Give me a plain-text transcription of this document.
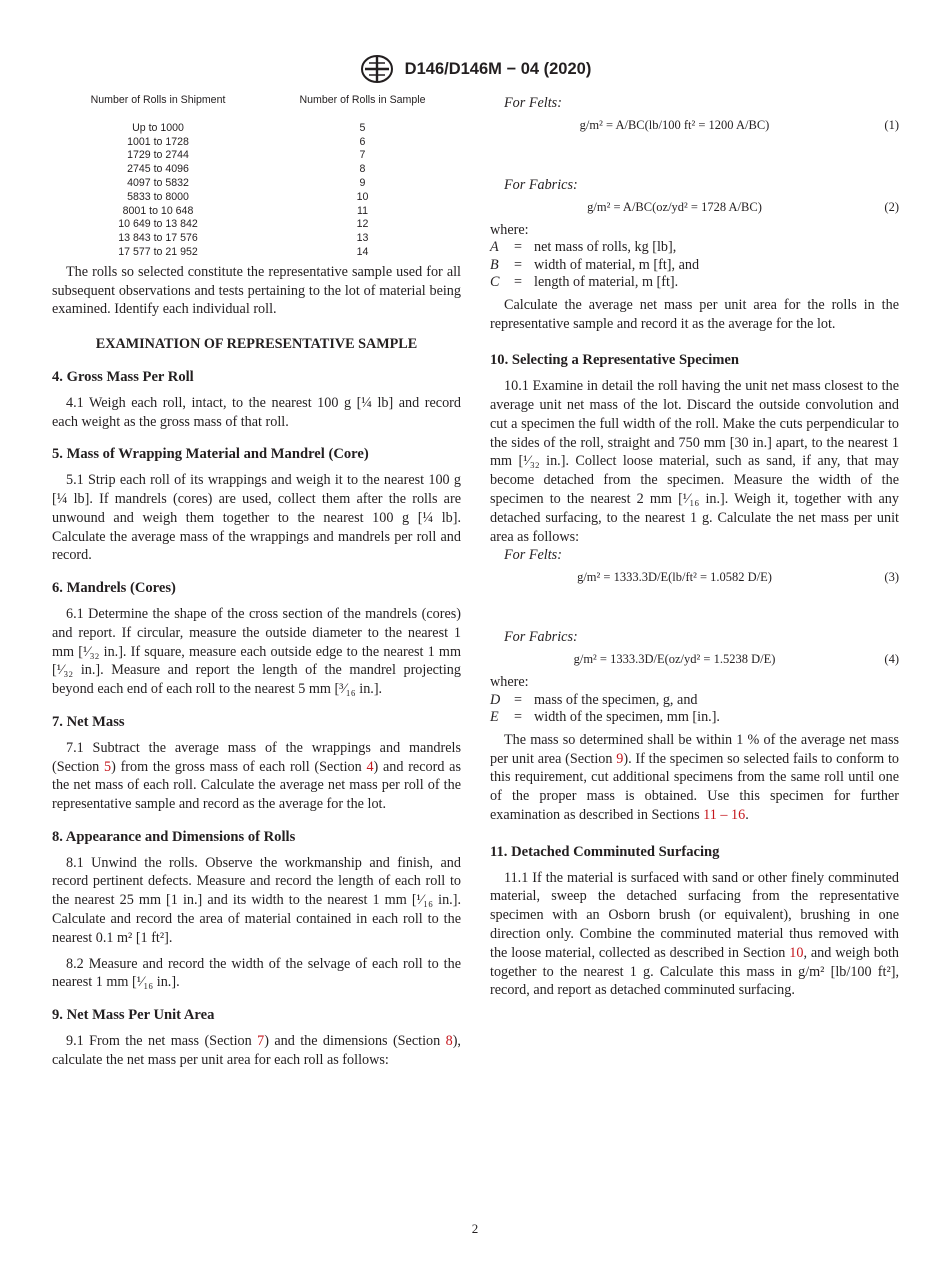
D146/D146M − 04 (2020)
Number of Rolls in Shipment	Number of Rolls in Sample
Up to 1000	5
1001 to 1728	6
1729 to 2744	7
2745 to 4096	8
4097 to 5832	9
5833 to 8000	10
8001 to 10 648	11
10 649 to 13 842	12
13 843 to 17 576	13
17 577 to 21 952	14

The rolls so selected constitute the representative sample used for all subsequent observations and tests pertaining to the lot of material being examined. Identify each individual roll.

EXAMINATION OF REPRESENTATIVE SAMPLE
4. Gross Mass Per Roll

4.1 Weigh each roll, intact, to the nearest 100 g [¼ lb] and record each weight as the gross mass of that roll.

5. Mass of Wrapping Material and Mandrel (Core)

5.1 Strip each roll of its wrappings and weigh it to the nearest 100 g [¼ lb]. If mandrels (cores) are used, collect them after the rolls are unwound and weigh them together to the nearest 100 g [¼ lb]. Calculate the average mass of the wrappings and mandrels per roll and record.

6. Mandrels (Cores)

6.1 Determine the shape of the cross section of the mandrels (cores) and report. If circular, measure the outside diameter to the nearest 1 mm [¹⁄₃₂ in.]. If square, measure each outside edge to the nearest 1 mm [¹⁄₃₂ in.]. Measure and report the length of the mandrel projecting beyond each end of each roll to the nearest 5 mm [³⁄₁₆ in.].

7. Net Mass

7.1 Subtract the average mass of the wrappings and mandrels (Section 5) from the gross mass of each roll (Section 4) and record as the net mass of each roll. Calculate the average net mass per roll of the representative sample and record as the average for the lot.

8. Appearance and Dimensions of Rolls

8.1 Unwind the rolls. Observe the workmanship and finish, and record pertinent defects. Measure and record the length of each roll to the nearest 25 mm [1 in.] and its width to the nearest 1 mm [¹⁄₁₆ in.]. Calculate and record the area of material contained in each roll to the nearest 0.1 m² [1 ft²].

8.2 Measure and record the width of the selvage of each roll to the nearest 1 mm [¹⁄₁₆ in.].

9. Net Mass Per Unit Area

9.1 From the net mass (Section 7) and the dimensions (Section 8), calculate the net mass per unit area for each roll as follows:

For Felts:

g/m² = A/BC(lb/100 ft² = 1200 A/BC)	(1)

For Fabrics:

g/m² = A/BC(oz/yd² = 1728 A/BC)	(2)

where:

A	= net mass of rolls, kg [lb],
B	= width of material, m [ft], and
C	= length of material, m [ft].

Calculate the average net mass per unit area for the rolls in the representative sample and record it as the average for the lot.

10. Selecting a Representative Specimen

10.1 Examine in detail the roll having the unit net mass closest to the average unit net mass of the lot. Discard the outside convolution and cut a specimen the full width of the roll. Make the cuts perpendicular to the sides of the roll, straight and 750 mm [30 in.] apart, to the nearest 1 mm [¹⁄₃₂ in.]. Collect loose material, such as sand, if any, that may become detached from the specimen. Measure the width of the specimen to the nearest 2 mm [¹⁄₁₆ in.]. Weigh it, together with any detached surfacing, to the nearest 1 g. Calculate the net mass per unit area as follows:

For Felts:

g/m² = 1333.3D/E(lb/ft² = 1.0582 D/E)	(3)

For Fabrics:

g/m² = 1333.3D/E(oz/yd² = 1.5238 D/E)	(4)

where:

D = mass of the specimen, g, and
E	= width of the specimen, mm [in.].

The mass so determined shall be within 1 % of the average net mass per unit area (Section 9). If the specimen so selected fails to conform to this requirement, cut additional specimens from the same roll until one of the proper mass is obtained. Use this specimen for further examination as described in Sections 11 – 16.

11. Detached Comminuted Surfacing

11.1 If the material is surfaced with sand or other finely comminuted material, sweep the detached surfacing from the representative specimen with an Osborn brush (or equivalent), brushing in one direction only. Combine the comminuted material thus removed with the loose material, collected as described in Section 10, and weigh both together to the nearest 1 g. Calculate this mass in g/m² [lb/100 ft²], record, and report as detached comminuted surfacing.

2
